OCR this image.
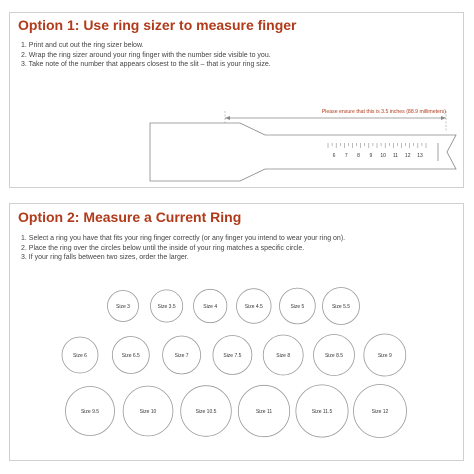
Option 1: Use ring sizer to measure finger
1. Print and cut out the ring sizer below.
2. Wrap the ring sizer around your ring finger with the number side visible to you.
3. Take note of the number that appears closest to the slit – that is your ring size.
Please ensure that this is 3.5 inches (88.9 millimeters)
6 7 8 9 10 11 12 13
Option 2: Measure a Current Ring
1. Select a ring you have that fits your ring finger correctly (or any finger you intend to wear your ring on).
2. Place the ring over the circles below until the inside of your ring matches a specific circle.
3. If your ring falls between two sizes, order the larger.
Size 3	Size 3.5	Size 4	Size 4.5	Size 5	Size 5.5
Size 6	Size 6.5	Size 7	Size 7.5	Size 8	Size 8.5	Size 9
Size 9.5	Size 10	Size 10.5	Size 11	Size 11.5	Size 12
